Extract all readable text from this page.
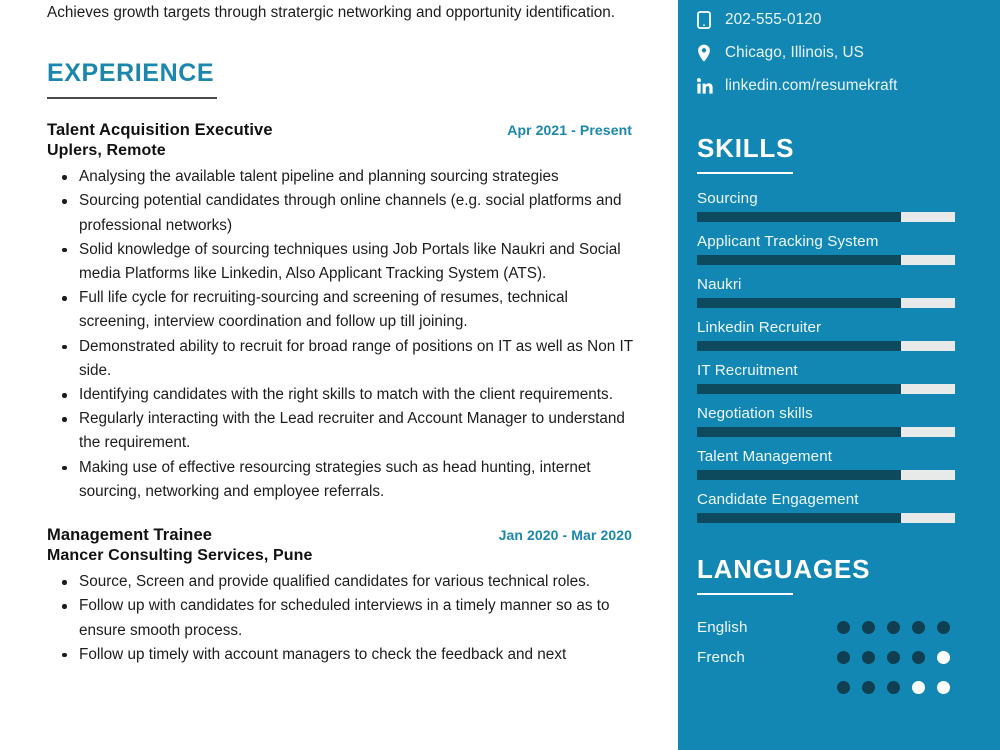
Achieves growth targets through stratergic networking and opportunity identification.

EXPERIENCE
Talent Acquisition Executive	Apr 2021 - Present
Uplers, Remote
Analysing the available talent pipeline and planning sourcing strategies
Sourcing potential candidates through online channels (e.g. social platforms and professional networks)
Solid knowledge of sourcing techniques using Job Portals like Naukri and Social media Platforms like Linkedin, Also Applicant Tracking System (ATS).
Full life cycle for recruiting-sourcing and screening of resumes, technical screening, interview coordination and follow up till joining.
Demonstrated ability to recruit for broad range of positions on IT as well as Non IT side.
Identifying candidates with the right skills to match with the client requirements.
Regularly interacting with the Lead recruiter and Account Manager to understand the requirement.
Making use of effective resourcing strategies such as head hunting, internet sourcing, networking and employee referrals.
Management Trainee	Jan 2020 - Mar 2020
Mancer Consulting Services, Pune
Source, Screen and provide qualified candidates for various technical roles.
Follow up with candidates for scheduled interviews in a timely manner so as to ensure smooth process.
Follow up timely with account managers to check the feedback and next
202-555-0120
Chicago, Illinois, US
linkedin.com/resumekraft
SKILLS
Sourcing
Applicant Tracking System
Naukri
Linkedin Recruiter
IT Recruitment
Negotiation skills
Talent Management
Candidate Engagement
LANGUAGES
English
French
